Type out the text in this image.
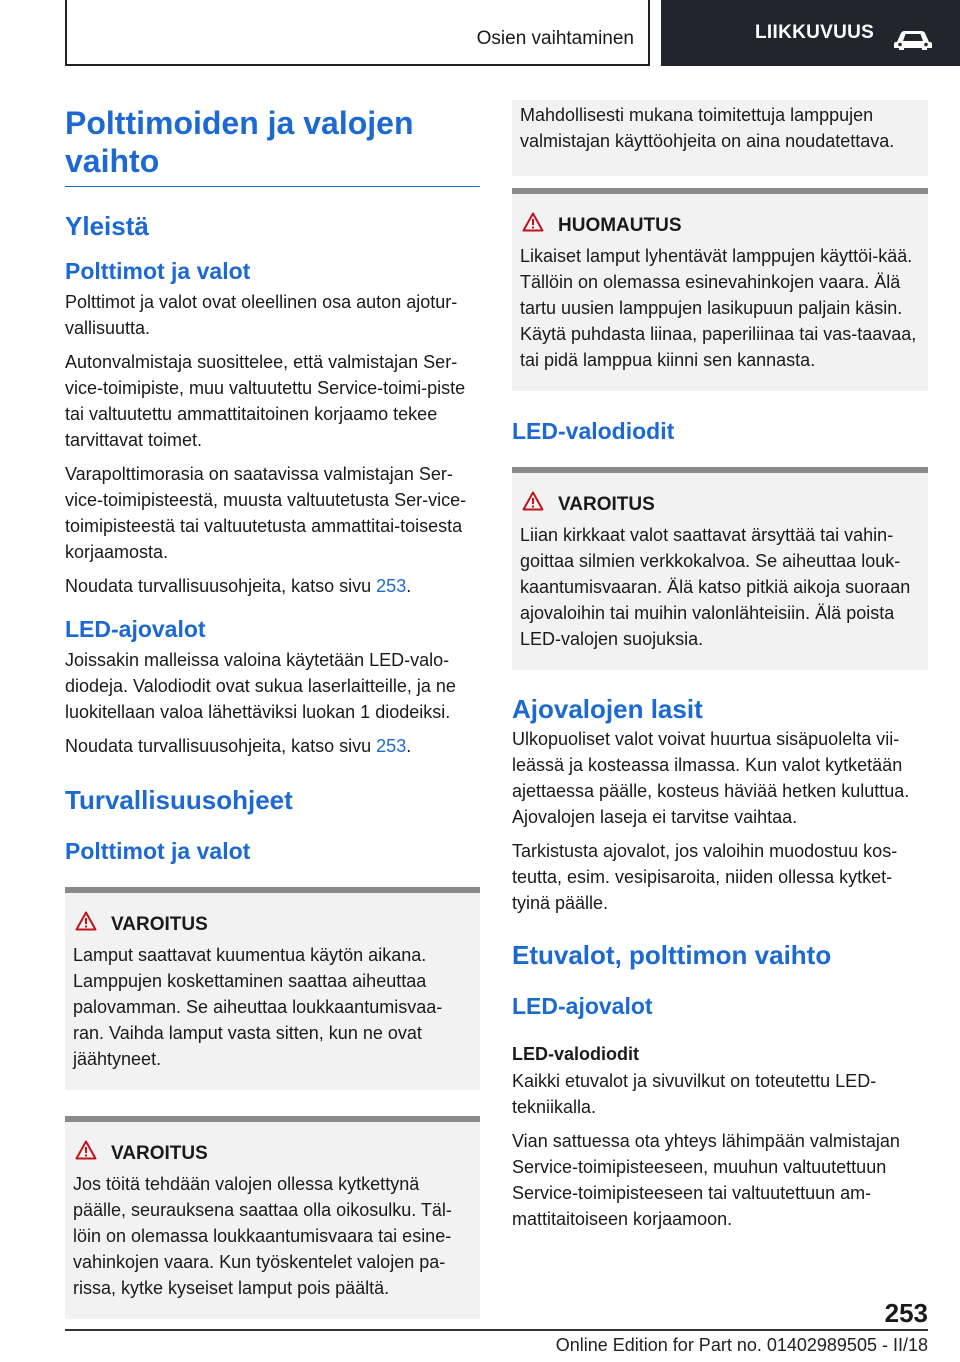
Osien vaihtaminen	LIIKKUVUUS
Polttimoiden ja valojen
vaihto
Yleistä
Polttimot ja valot

Polttimot ja valot ovat oleellinen osa auton ajotur-vallisuutta.

Autonvalmistaja suosittelee, että valmistajan Ser-vice-toimipiste, muu valtuutettu Service-toimi-piste tai valtuutettu ammattitaitoinen korjaamo tekee tarvittavat toimet.

Varapolttimorasia on saatavissa valmistajan Ser-vice-toimipisteestä, muusta valtuutetusta Ser-vice-toimipisteestä tai valtuutetusta ammattitai-toisesta korjaamosta.

Noudata turvallisuusohjeita, katso sivu 253.

LED-ajovalot

Joissakin malleissa valoina käytetään LED-valo-diodeja. Valodiodit ovat sukua laserlaitteille, ja ne luokitellaan valoa lähettäviksi luokan 1 diodeiksi.

Noudata turvallisuusohjeita, katso sivu 253.

Turvallisuusohjeet
Polttimot ja valot
VAROITUS

Lamput saattavat kuumentua käytön aikana. Lamppujen koskettaminen saattaa aiheuttaa palovamman. Se aiheuttaa loukkaantumisvaa-ran. Vaihda lamput vasta sitten, kun ne ovat jäähtyneet.

VAROITUS

Jos töitä tehdään valojen ollessa kytkettynä päälle, seurauksena saattaa olla oikosulku. Täl-löin on olemassa loukkaantumisvaara tai esine-vahinkojen vaara. Kun työskentelet valojen pa-rissa, kytke kyseiset lamput pois päältä.

Mahdollisesti mukana toimitettuja lamppujen valmistajan käyttöohjeita on aina noudatettava.

HUOMAUTUS

Likaiset lamput lyhentävät lamppujen käyttöi-kää. Tällöin on olemassa esinevahinkojen vaara. Älä tartu uusien lamppujen lasikupuun paljain käsin. Käytä puhdasta liinaa, paperiliinaa tai vas-taavaa, tai pidä lamppua kiinni sen kannasta.

LED-valodiodit
VAROITUS

Liian kirkkaat valot saattavat ärsyttää tai vahin-goittaa silmien verkkokalvoa. Se aiheuttaa louk-kaantumisvaaran. Älä katso pitkiä aikoja suoraan ajovaloihin tai muihin valonlähteisiin. Älä poista LED-valojen suojuksia.

Ajovalojen lasit

Ulkopuoliset valot voivat huurtua sisäpuolelta vii-leässä ja kosteassa ilmassa. Kun valot kytketään ajettaessa päälle, kosteus häviää hetken kuluttua. Ajovalojen laseja ei tarvitse vaihtaa.

Tarkistusta ajovalot, jos valoihin muodostuu kos-teutta, esim. vesipisaroita, niiden ollessa kytket-tyinä päälle.

Etuvalot, polttimon vaihto
LED-ajovalot
LED-valodiodit

Kaikki etuvalot ja sivuvilkut on toteutettu LED-tekniikalla.

Vian sattuessa ota yhteys lähimpään valmistajan Service-toimipisteeseen, muuhun valtuutettuun Service-toimipisteeseen tai valtuutettuun am-mattitaitoiseen korjaamoon.

253
Online Edition for Part no. 01402989505 - II/18
